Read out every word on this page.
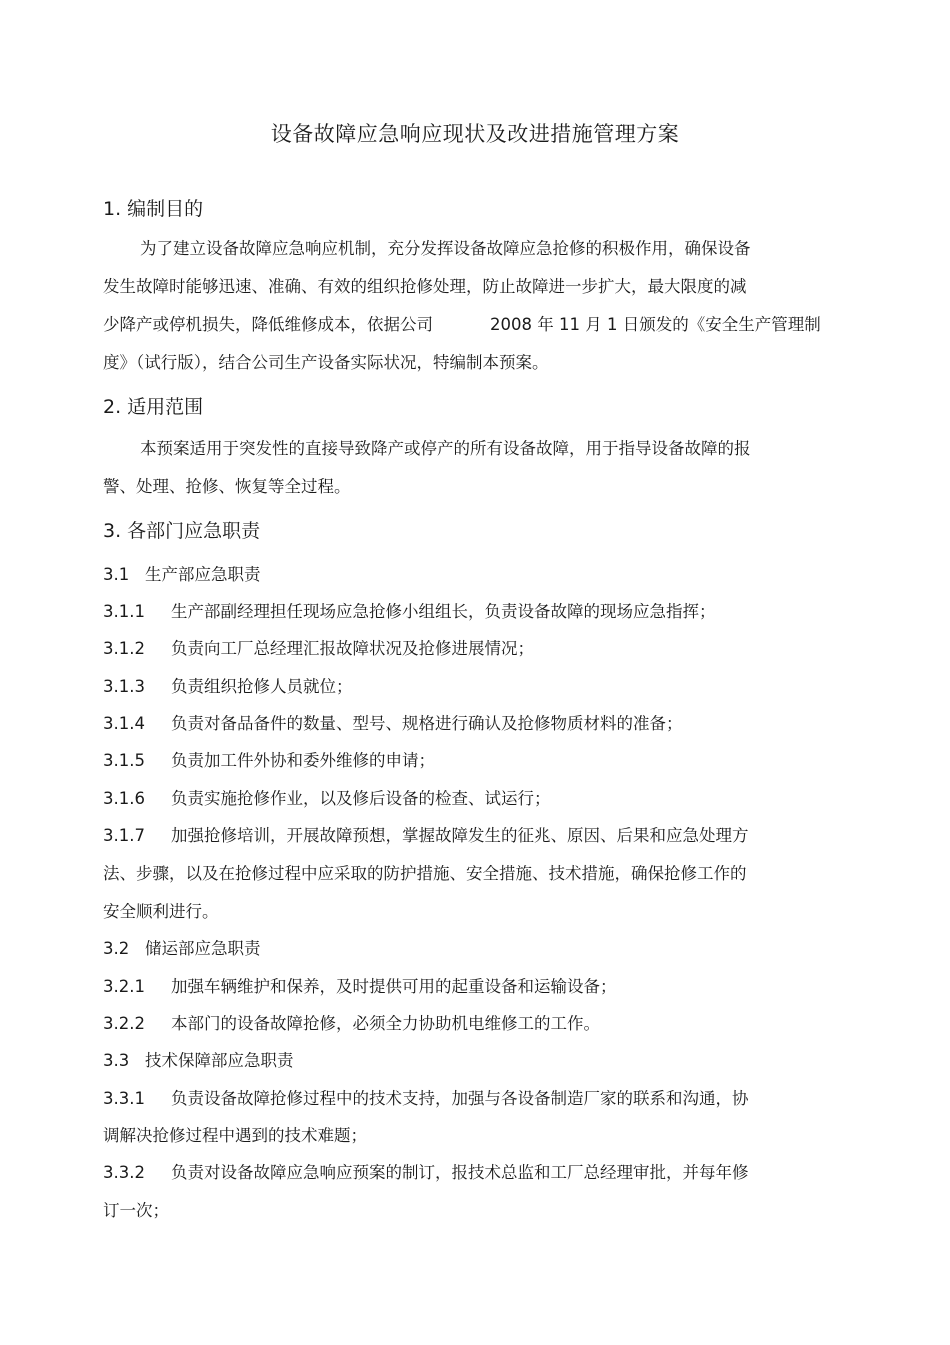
设备故障应急响应现状及改进措施管理方案
1. 编制目的
为了建立设备故障应急响应机制，充分发挥设备故障应急抢修的积极作用，确保设备
发生故障时能够迅速、准确、有效的组织抢修处理，防止故障进一步扩大，最大限度的减
少降产或停机损失，降低维修成本，依据公司	2008 年 11 月 1 日颁发的《安全生产管理制
度》（试行版），结合公司生产设备实际状况，特编制本预案。
2. 适用范围
本预案适用于突发性的直接导致降产或停产的所有设备故障，用于指导设备故障的报
警、处理、抢修、恢复等全过程。
3. 各部门应急职责
3.1   生产部应急职责
3.1.1 生产部副经理担任现场应急抢修小组组长，负责设备故障的现场应急指挥；
3.1.2 负责向工厂总经理汇报故障状况及抢修进展情况；
3.1.3 负责组织抢修人员就位；
3.1.4 负责对备品备件的数量、型号、规格进行确认及抢修物质材料的准备；
3.1.5 负责加工件外协和委外维修的申请；
3.1.6 负责实施抢修作业，以及修后设备的检查、试运行；
3.1.7 加强抢修培训，开展故障预想，掌握故障发生的征兆、原因、后果和应急处理方
法、步骤，以及在抢修过程中应采取的防护措施、安全措施、技术措施，确保抢修工作的
安全顺利进行。
3.2   储运部应急职责
3.2.1 加强车辆维护和保养，及时提供可用的起重设备和运输设备；
3.2.2 本部门的设备故障抢修，必须全力协助机电维修工的工作。
3.3   技术保障部应急职责
3.3.1 负责设备故障抢修过程中的技术支持，加强与各设备制造厂家的联系和沟通，协
调解决抢修过程中遇到的技术难题；
3.3.2 负责对设备故障应急响应预案的制订，报技术总监和工厂总经理审批，并每年修
订一次；
